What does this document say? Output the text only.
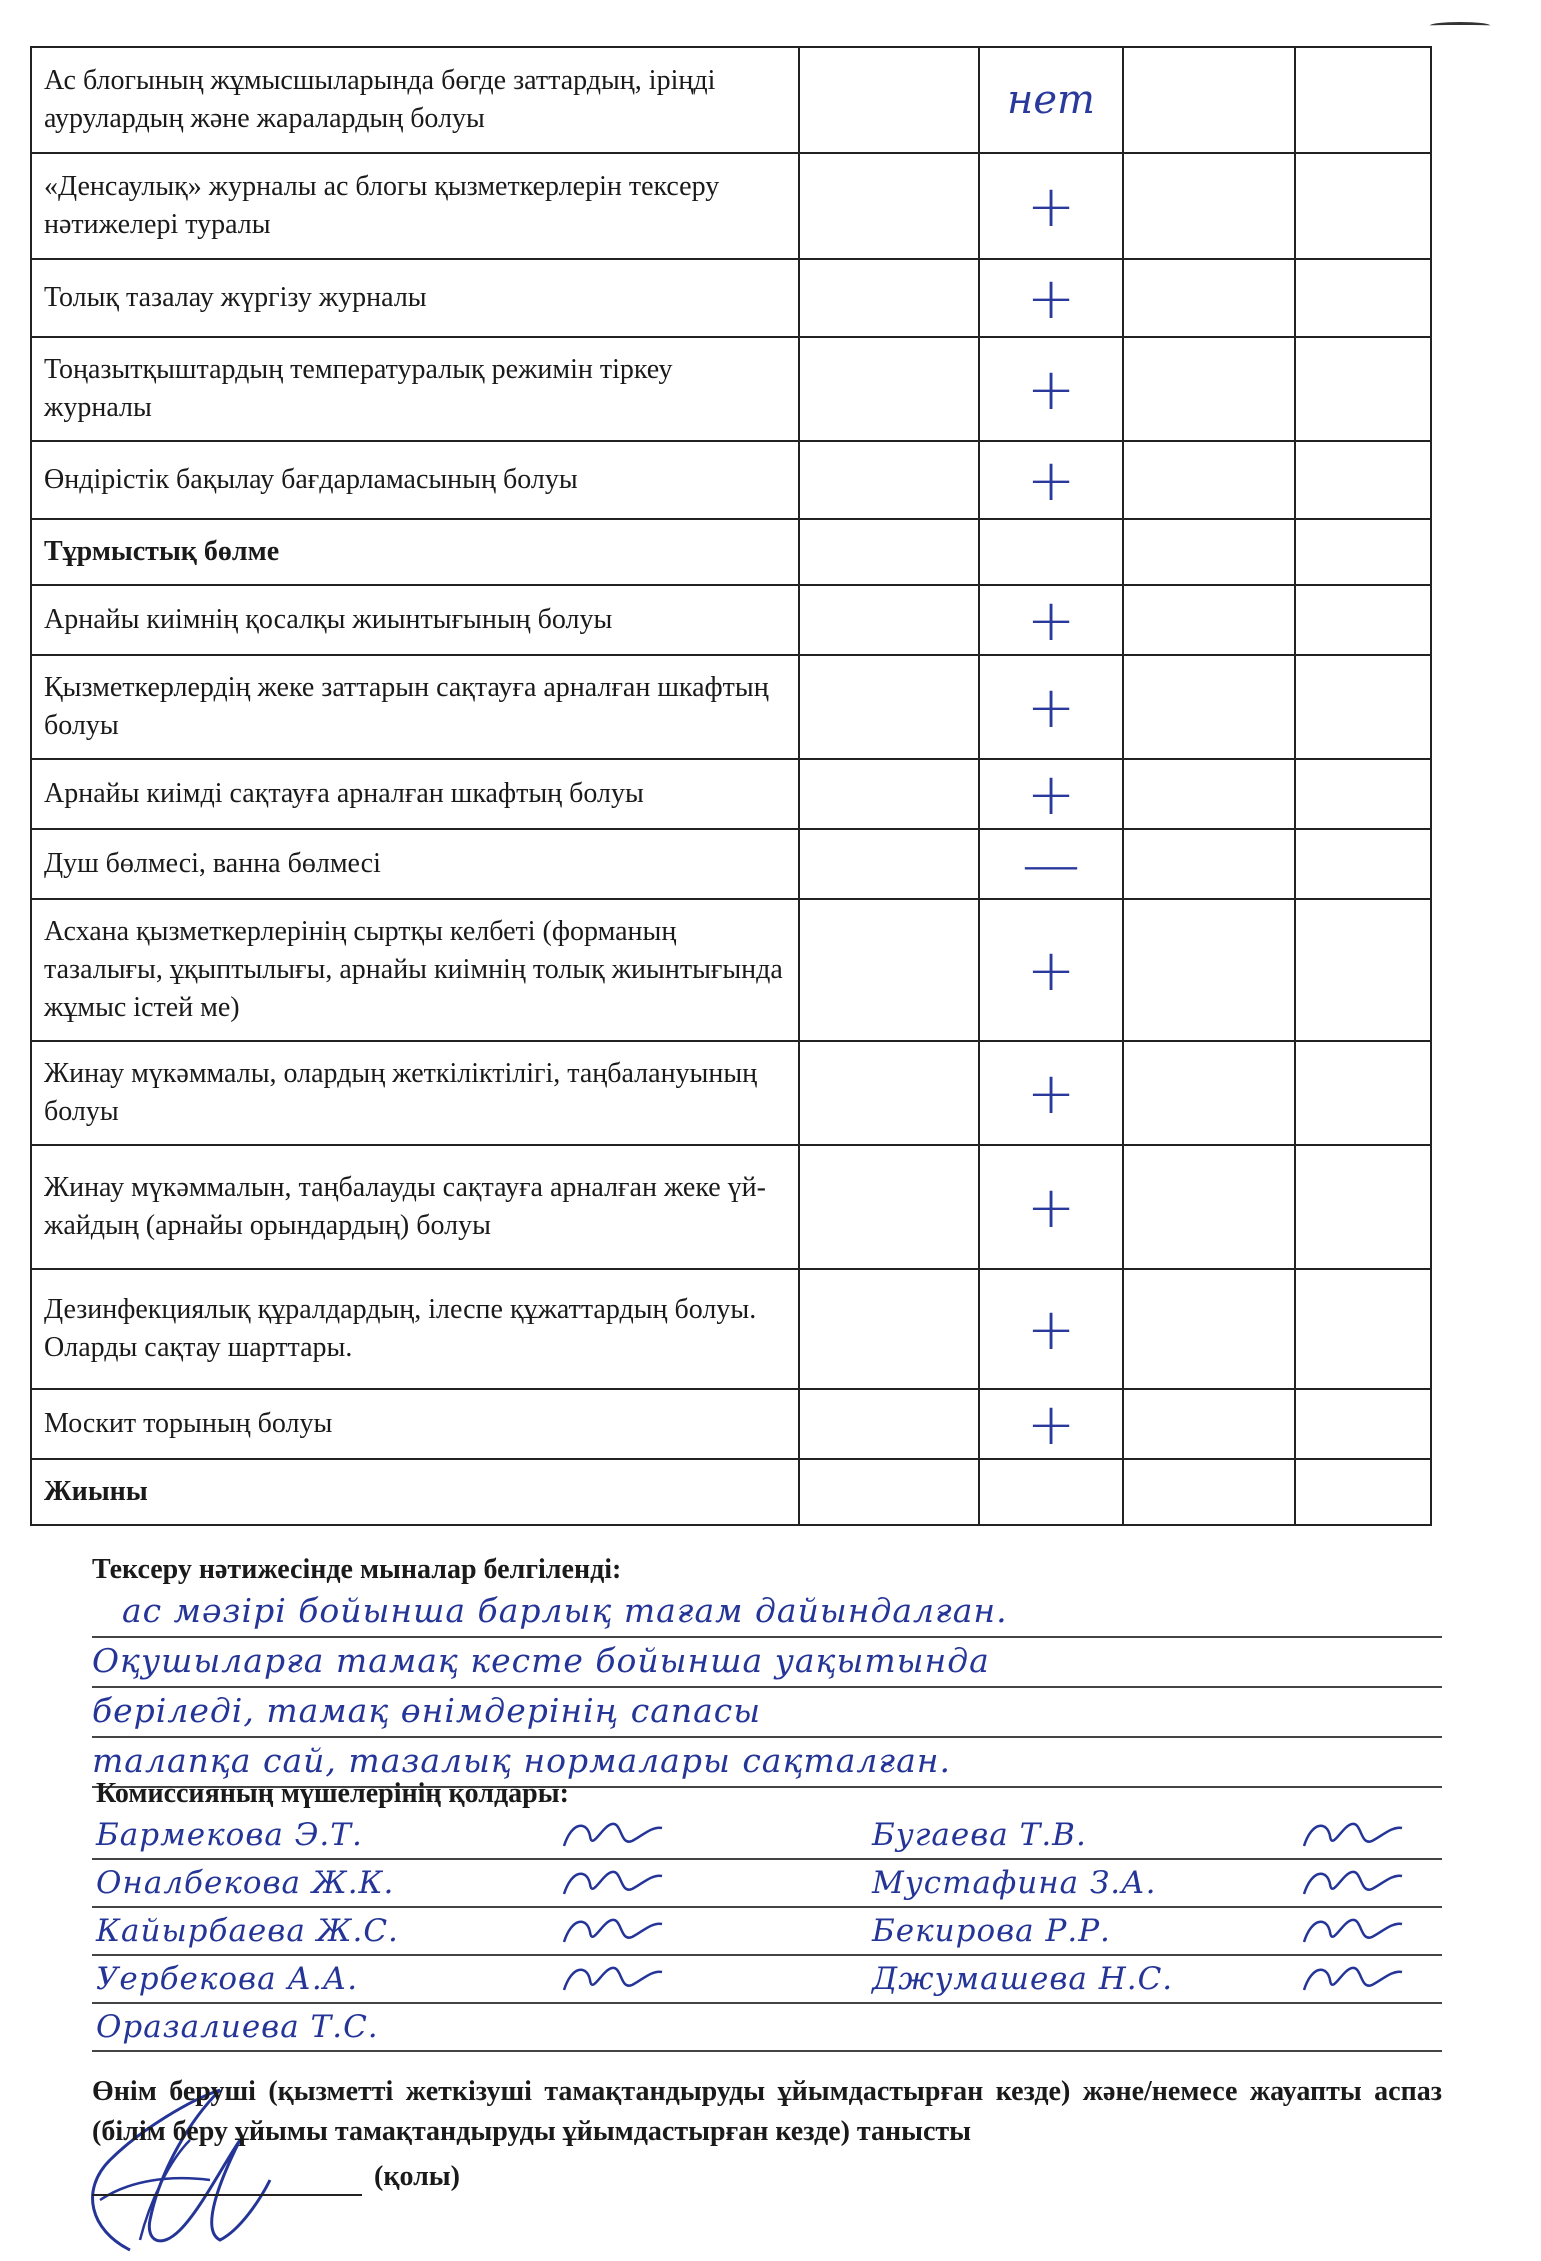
Ас блогының жұмысшыларында бөгде заттардың, іріңді аурулардың және жаралардың болуы		нет		
«Денсаулық» журналы ас блогы қызметкерлерін тексеру нәтижелері туралы		+		
Толық тазалау жүргізу журналы		+		
Тоңазытқыштардың температуралық режимін тіркеу журналы		+		
Өндірістік бақылау бағдарламасының болуы		+		
Тұрмыстық бөлме				
Арнайы киімнің қосалқы жиынтығының болуы		+		
Қызметкерлердің жеке заттарын сақтауға арналған шкафтың болуы		+		
Арнайы киімді сақтауға арналған шкафтың болуы		+		
Душ бөлмесі, ванна бөлмесі		—		
Асхана қызметкерлерінің сыртқы келбеті (форманың тазалығы, ұқыптылығы, арнайы киімнің толық жиынтығында жұмыс істей ме)		+		
Жинау мүкәммалы, олардың жеткіліктілігі, таңбалануының болуы		+		
Жинау мүкәммалын, таңбалауды сақтауға арналған жеке үй-жайдың (арнайы орындардың) болуы		+		
Дезинфекциялық құралдардың, ілеспе құжаттардың болуы. Оларды сақтау шарттары.		+		
Москит торының болуы		+		
Жиыны				

Тексеру нәтижесінде мыналар белгіленді:

ас мәзірі бойынша барлық тағам дайындалған.
Оқушыларға тамақ кесте бойынша уақытында
беріледі, тамақ өнімдерінің сапасы
талапқа сай, тазалық нормалары сақталған.

Комиссияның мүшелерінің қолдары:

Бармекова Э.Т.	Бугаева Т.В.
Оналбекова Ж.К.	Мустафина З.А.
Кайырбаева Ж.С.	Бекирова Р.Р.
Уербекова А.А.	Джумашева Н.С.
Оразалиева Т.С.

Өнім беруші (қызметті жеткізуші тамақтандыруды ұйымдастырған кезде) және/немесе жауапты аспаз (білім беру ұйымы тамақтандыруды ұйымдастырған кезде) танысты

(қолы)
